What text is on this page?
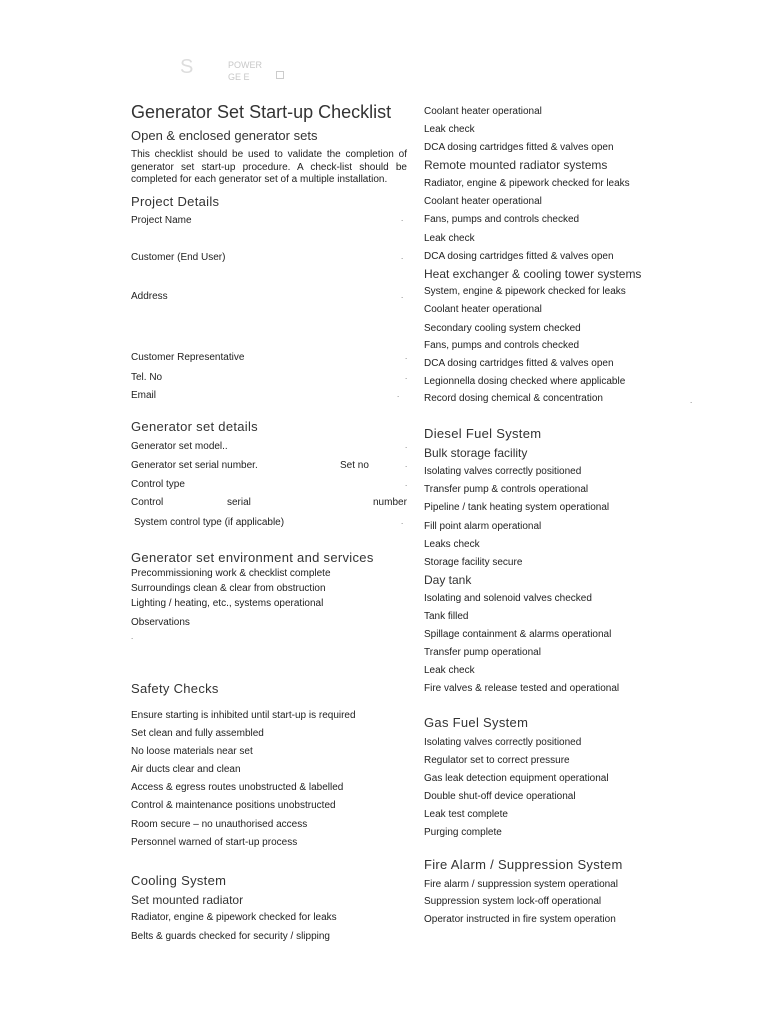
S	POWER
GE E
Generator Set Start-up Checklist
Open & enclosed generator sets
This checklist should be used to validate the completion of generator set start-up procedure. A check-list should be completed for each generator set of a multiple installation.
Project Details
Project Name
Customer (End User)
Address
Customer Representative
Tel. No
Email
Generator set details
Generator set model..
Generator set serial number.	Set no
Control type
Control	serial	number
System control type (if applicable)
Generator set environment and services
Precommissioning work & checklist complete
Surroundings clean & clear from obstruction
Lighting / heating, etc., systems operational
Observations
Safety Checks
Ensure starting is inhibited until start-up is required
Set clean and fully assembled
No loose materials near set
Air ducts clear and clean
Access & egress routes unobstructed & labelled
Control & maintenance positions unobstructed
Room secure – no unauthorised access
Personnel warned of start-up process
Cooling System
Set mounted radiator
Radiator, engine & pipework checked for leaks
Belts & guards checked for security / slipping
.
.
.
.
.
.
.
.
.
.
.
Coolant heater operational
Leak check
DCA dosing cartridges fitted & valves open
Remote mounted radiator systems
Radiator, engine & pipework checked for leaks
Coolant heater operational
Fans, pumps and controls checked
Leak check
DCA dosing cartridges fitted & valves open
Heat exchanger & cooling tower systems
System, engine & pipework checked for leaks
Coolant heater operational
Secondary cooling system checked
Fans, pumps and controls checked
DCA dosing cartridges fitted & valves open
Legionnella dosing checked where applicable
Record dosing chemical & concentration
Diesel Fuel System
Bulk storage facility
Isolating valves correctly positioned
Transfer pump & controls operational
Pipeline / tank heating system operational
Fill point alarm operational
Leaks check
Storage facility secure
Day tank
Isolating and solenoid valves checked
Tank filled
Spillage containment & alarms operational
Transfer pump operational
Leak check
Fire valves & release tested and operational
Gas Fuel System
Isolating valves correctly positioned
Regulator set to correct pressure
Gas leak detection equipment operational
Double shut-off device operational
Leak test complete
Purging complete
Fire Alarm / Suppression System
Fire alarm / suppression system operational
Suppression system lock-off operational
Operator instructed in fire system operation
.
